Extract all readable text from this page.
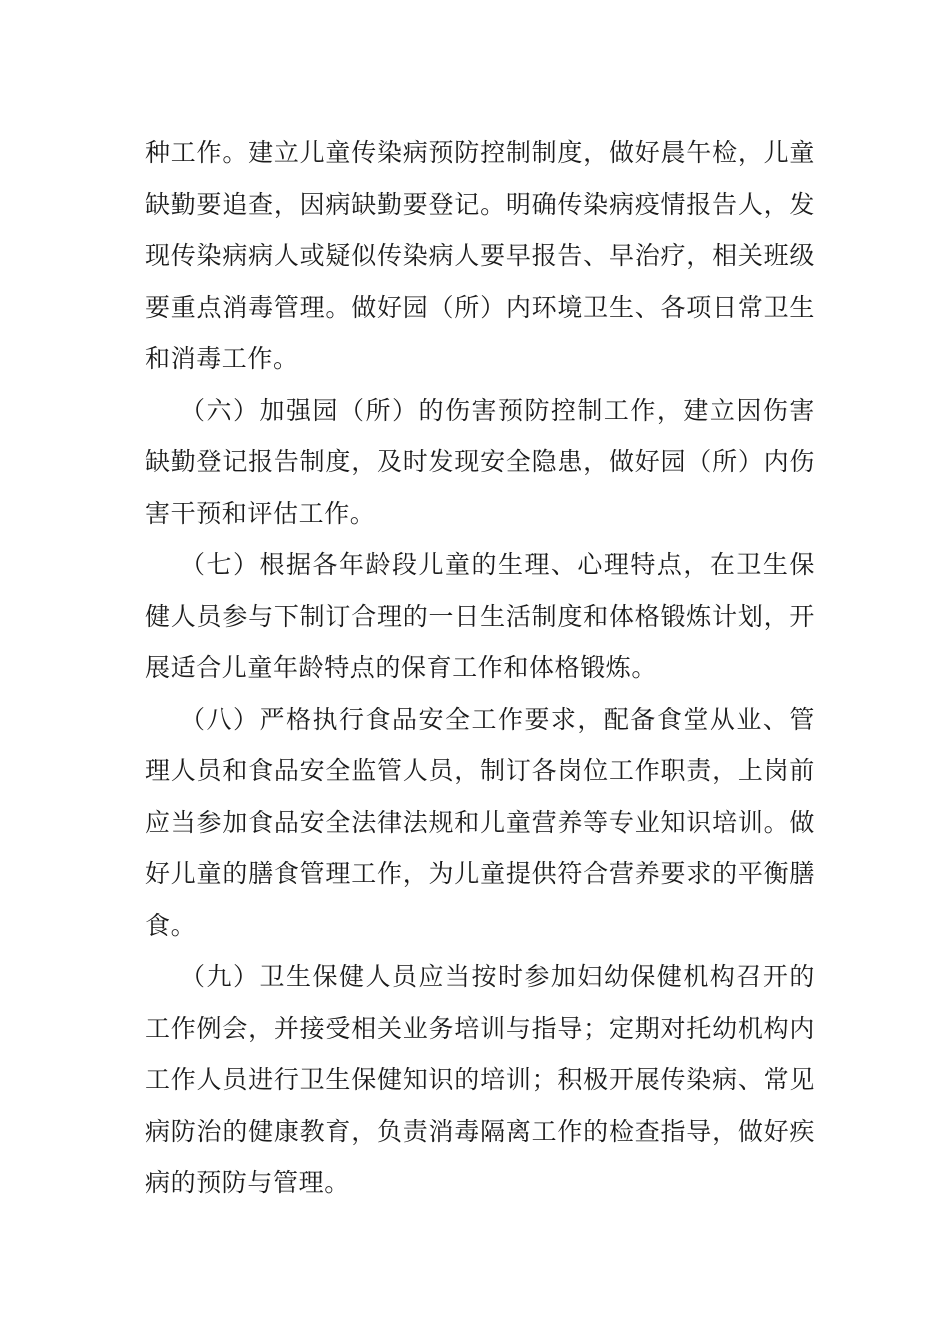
种工作。建立儿童传染病预防控制制度，做好晨午检，儿童缺勤要追查，因病缺勤要登记。明确传染病疫情报告人，发现传染病病人或疑似传染病人要早报告、早治疗，相关班级要重点消毒管理。做好园（所）内环境卫生、各项日常卫生和消毒工作。

（六）加强园（所）的伤害预防控制工作，建立因伤害缺勤登记报告制度，及时发现安全隐患，做好园（所）内伤害干预和评估工作。

（七）根据各年龄段儿童的生理、心理特点，在卫生保健人员参与下制订合理的一日生活制度和体格锻炼计划，开展适合儿童年龄特点的保育工作和体格锻炼。

（八）严格执行食品安全工作要求，配备食堂从业、管理人员和食品安全监管人员，制订各岗位工作职责，上岗前应当参加食品安全法律法规和儿童营养等专业知识培训。做好儿童的膳食管理工作，为儿童提供符合营养要求的平衡膳食。

（九）卫生保健人员应当按时参加妇幼保健机构召开的工作例会，并接受相关业务培训与指导；定期对托幼机构内工作人员进行卫生保健知识的培训；积极开展传染病、常见病防治的健康教育，负责消毒隔离工作的检查指导，做好疾病的预防与管理。
